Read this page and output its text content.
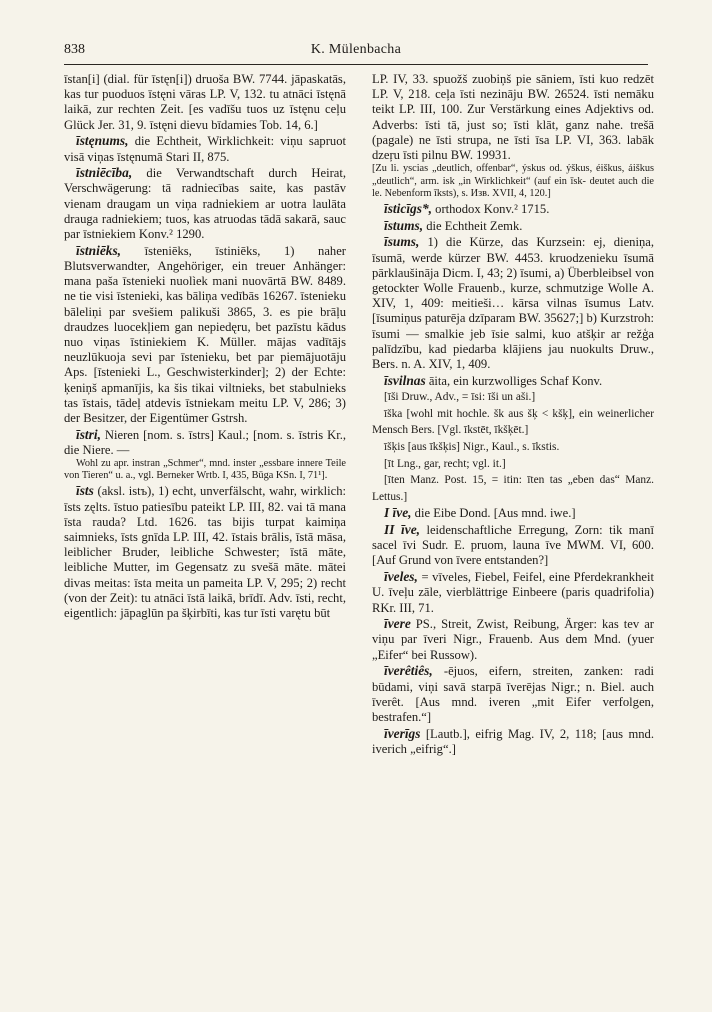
838	K. Mülenbacha

īstan[i] (dial. für īstęn[i]) druoša BW. 7744. jāpaskatās, kas tur puoduos īstęni vāras LP. V, 132. tu atnāci īstęnā laikā, zur rechten Zeit. [es vadīšu tuos uz īstęnu ceļu Glück Jer. 31, 9. īstęni dievu bīdamies Tob. 14, 6.]

īstęnums, die Echtheit, Wirklichkeit: viņu sapruot visā viņas īstęnumā Stari II, 875.

īstniēcība, die Verwandtschaft durch Heirat, Verschwägerung: tā radniecības saite, kas pastāv vienam draugam un viņa radniekiem ar uotra laulāta drauga radniekiem; tuos, kas atruodas tādā sakarā, sauc par īstniekiem Konv.² 1290.

īstniēks, īsteniēks, īstiniēks, 1) naher Blutsverwandter, Angehöriger, ein treuer Anhänger: mana paša īstenieki nuolìek mani nuovārtā BW. 8489. ne tie visi īstenieki, kas bāliņa vedībās 16267. īstenieku bāleliņi par svešiem palikuši 3865, 3. es pie brāļu draudzes luocekļiem gan nepiedęru, bet pazīstu kādus nuo viņas īstiniekiem K. Müller. mājas vadītājs neuzlūkuoja sevi par īstenieku, bet par piemājuotāju Aps. [īstenieki L., Geschwisterkinder]; 2) der Echte: ķeniņš apmanījis, ka šis tikai viltnieks, bet stabulnieks tas īstais, tādeļ atdevis īstniekam meitu LP. V, 286; 3) der Besitzer, der Eigentümer Gstrsh.

īstri, Nieren [nom. s. īstrs] Kaul.; [nom. s. īstris Kr., die Niere. —
Wohl zu apr. instran „Schmer“, mnd. inster „essbare innere Teile von Tieren“ u. a., vgl. Berneker Wrtb. I, 435, Būga KSn. I, 71¹].

īsts (aksl. istъ), 1) echt, unverfälscht, wahr, wirklich: īsts zęlts. īstuo patiesību pateikt LP. III, 82. vai tā mana īsta rauda? Ltd. 1626. tas bijis turpat kaimiņa saimnieks, īsts gnīda LP. III, 42. īstais brālis, īstā māsa, leiblicher Bruder, leibliche Schwester; īstā māte, leibliche Mutter, im Gegensatz zu svešā māte. mātei divas meitas: īsta meita un pameita LP. V, 295; 2) recht (von der Zeit): tu atnāci īstā laikā, brīdī. Adv. īsti, recht, eigentlich: jāpaglūn pa šķirbīti, kas tur īsti varętu būt

LP. IV, 33. spuožš zuobiņš pie sāniem, īsti kuo redzēt LP. V, 218. ceļa īsti nezināju BW. 26524. īsti nemāku teikt LP. III, 100. Zur Verstärkung eines Adjektivs od. Adverbs: īsti tā, just so; īsti klāt, ganz nahe. trešā (pagale) ne īsti strupa, ne īsti īsa LP. VI, 363. labāk dzeŗu īsti pilnu BW. 19931.
[Zu li. yscias „deutlich, offenbar“, ýskus od. ýškus, éiškus, áiškus „deutlich“, arm. isk „in Wirklichkeit“ (auf ein īsk- deutet auch die le. Nebenform īksts), s. Изв. XVII, 4, 120.]

īsticīgs*, orthodox Konv.² 1715.

īstums, die Echtheit Zemk.

īsums, 1) die Kürze, das Kurzsein: ej, dieniņa, īsumā, werde kürzer BW. 4453. kruodzenieku īsumā pārklaušināja Dicm. I, 43; 2) īsumi, a) Überbleibsel von getockter Wolle Frauenb., kurze, schmutzige Wolle A. XIV, 1, 409: meitieši… kārsa vilnas īsumus Latv. [īsumiņus paturēja dzīparam BW. 35627;] b) Kurzstroh: īsumi — smalkie jeb īsie salmi, kuo atšķir ar režģa palīdzību, kad piedarba klājiens jau nuokults Druw., Bers. n. A. XIV, 1, 409.

īsvilnas āita, ein kurzwolliges Schaf Konv.

[īši Druw., Adv., = īsi: īši un aši.]

īška [wohl mit hochle. šk aus šķ < kšķ], ein weinerlicher Mensch Bers. [Vgl. īkstēt, īkšķēt.]

īšķis [aus īkšķis] Nigr., Kaul., s. īkstis.

[īt Lng., gar, recht; vgl. it.]

[īten Manz. Post. 15, = itin: īten tas „eben das“ Manz. Lettus.]

I īve, die Eibe Dond. [Aus mnd. iwe.]

II īve, leidenschaftliche Erregung, Zorn: tik manī sacel īvi Sudr. E. pruom, launa īve MWM. VI, 600. [Auf Grund von īvere entstanden?]

īveles, = vīveles, Fiebel, Feifel, eine Pferdekrankheit U. īveļu zāle, vierblättrige Einbeere (paris quadrifolia) RKr. III, 71.

īvere PS., Streit, Zwist, Reibung, Ärger: kas tev ar viņu par īveri Nigr., Frauenb. Aus dem Mnd. (yuer „Eifer“ bei Russow).

īverêtiês, -ējuos, eifern, streiten, zanken: radi būdami, viņi savā starpā īverējas Nigr.; n. Biel. auch īverêt. [Aus mnd. iveren „mit Eifer verfolgen, bestrafen.“]

īverīgs [Lautb.], eifrig Mag. IV, 2, 118; [aus mnd. iverich „eifrig“.]
